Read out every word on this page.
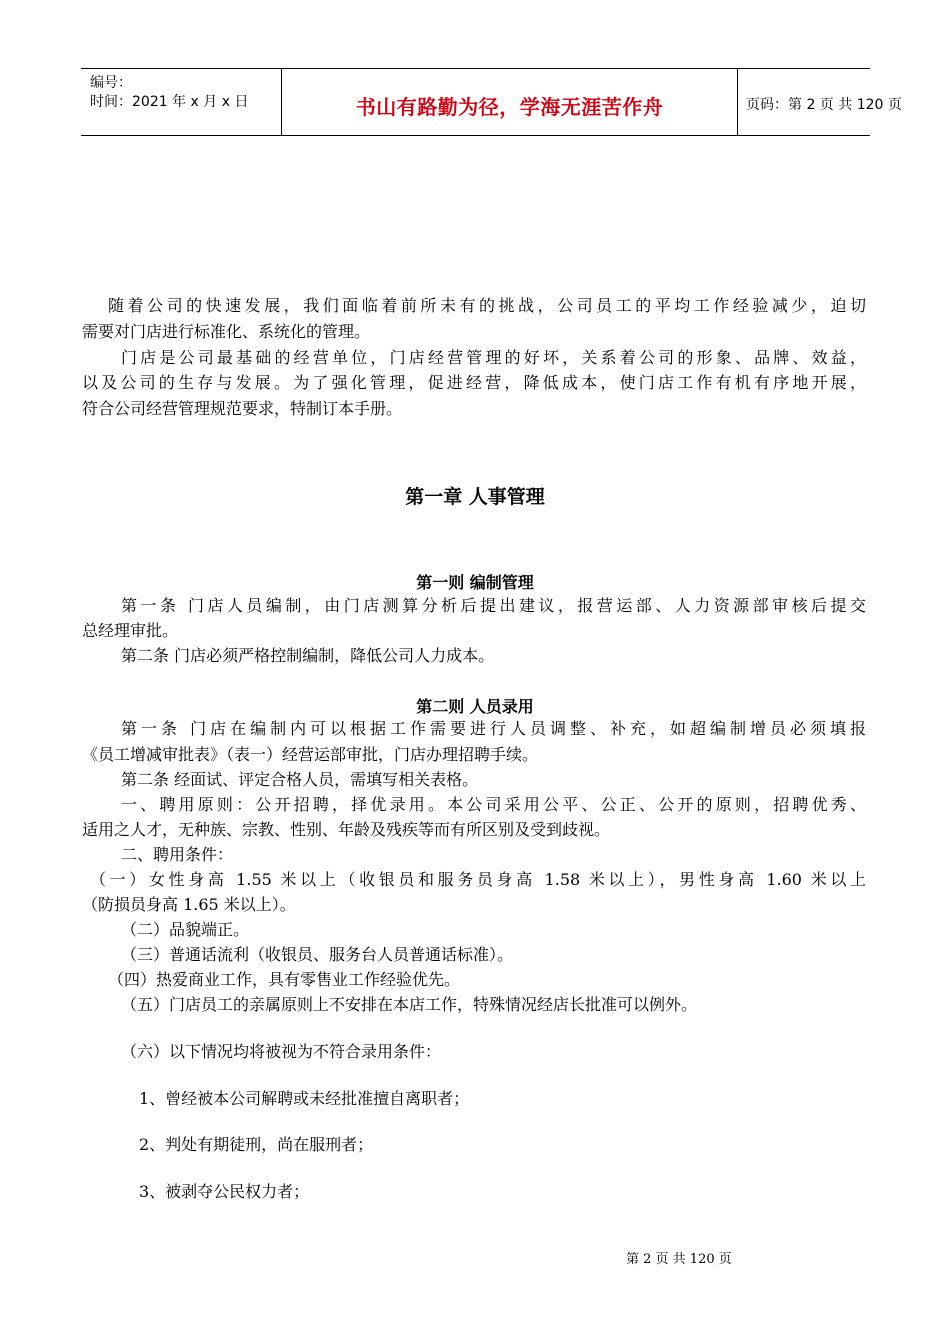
编号：
时间：2021 年 x 月 x 日	书山有路勤为径，学海无涯苦作舟	页码：第 2 页 共 120 页
随着公司的快速发展，我们面临着前所未有的挑战，公司员工的平均工作经验减少，迫切
需要对门店进行标准化、系统化的管理。
门店是公司最基础的经营单位，门店经营管理的好坏，关系着公司的形象、品牌、效益，
以及公司的生存与发展。为了强化管理，促进经营，降低成本，使门店工作有机有序地开展，
符合公司经营管理规范要求，特制订本手册。
第一章 人事管理
第一则 编制管理
第一条 门店人员编制，由门店测算分析后提出建议，报营运部、人力资源部审核后提交
总经理审批。
第二条 门店必须严格控制编制，降低公司人力成本。
第二则 人员录用
第一条 门店在编制内可以根据工作需要进行人员调整、补充，如超编制增员必须填报
《员工增减审批表》（表一）经营运部审批，门店办理招聘手续。
第二条 经面试、评定合格人员，需填写相关表格。
一、聘用原则：公开招聘，择优录用。本公司采用公平、公正、公开的原则，招聘优秀、
适用之人才，无种族、宗教、性别、年龄及残疾等而有所区别及受到歧视。
二、聘用条件：
（一）女性身高 1.55 米以上（收银员和服务员身高 1.58 米以上），男性身高 1.60 米以上
（防损员身高 1.65 米以上）。
（二）品貌端正。
（三）普通话流利（收银员、服务台人员普通话标准）。
（四）热爱商业工作，具有零售业工作经验优先。
（五）门店员工的亲属原则上不安排在本店工作，特殊情况经店长批准可以例外。
（六）以下情况均将被视为不符合录用条件：
1、曾经被本公司解聘或未经批准擅自离职者；
2、判处有期徒刑，尚在服刑者；
3、被剥夺公民权力者；
第 2 页 共 120 页
